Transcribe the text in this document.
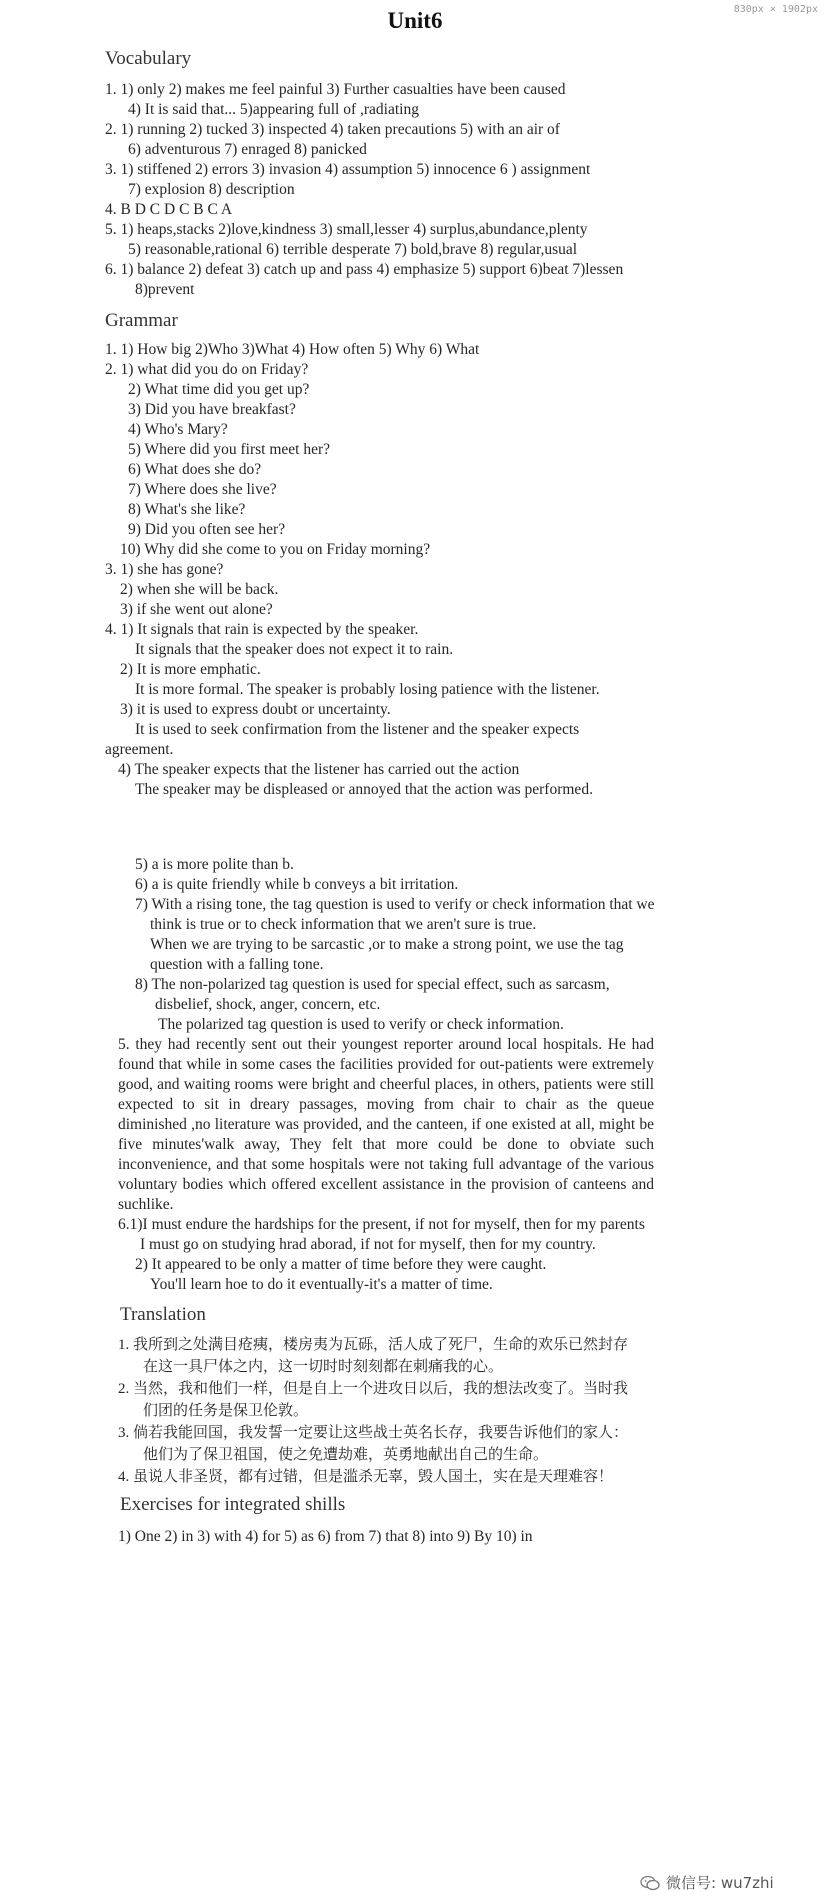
830px × 1902px
Unit6
Vocabulary
1. 1) only 2) makes me feel painful 3) Further casualties have been caused
4) It is said that... 5)appearing full of ,radiating
2. 1) running 2) tucked 3) inspected 4) taken precautions 5) with an air of
6) adventurous 7) enraged 8) panicked
3. 1) stiffened 2) errors 3) invasion 4) assumption 5) innocence 6 ) assignment
7) explosion 8) description
4. B D C D C B C A
5. 1) heaps,stacks 2)love,kindness 3) small,lesser 4) surplus,abundance,plenty
5) reasonable,rational 6) terrible desperate 7) bold,brave 8) regular,usual
6. 1) balance 2) defeat 3) catch up and pass 4) emphasize 5) support 6)beat 7)lessen
8)prevent
Grammar
1. 1) How big 2)Who 3)What 4) How often 5) Why 6) What
2. 1) what did you do on Friday?
2) What time did you get up?
3) Did you have breakfast?
4) Who's Mary?
5) Where did you first meet her?
6) What does she do?
7) Where does she live?
8) What's she like?
9) Did you often see her?
10) Why did she come to you on Friday morning?
3. 1) she has gone?
2) when she will be back.
3) if she went out alone?
4. 1) It signals that rain is expected by the speaker.
It signals that the speaker does not expect it to rain.
2) It is more emphatic.
It is more formal. The speaker is probably losing patience with the listener.
3) it is used to express doubt or uncertainty.
It is used to seek confirmation from the listener and the speaker expects
agreement.
4) The speaker expects that the listener has carried out the action
The speaker may be displeased or annoyed that the action was performed.
5) a is more polite than b.
6) a is quite friendly while b conveys a bit irritation.
7) With a rising tone, the tag question is used to verify or check information that we
think is true or to check information that we aren't sure is true.
When we are trying to be sarcastic ,or to make a strong point, we use the tag
question with a falling tone.
8) The non-polarized tag question is used for special effect, such as sarcasm,
disbelief, shock, anger, concern, etc.
The polarized tag question is used to verify or check information.
5. they had recently sent out their youngest reporter around local hospitals. He had
found that while in some cases the facilities provided for out-patients were extremely
good, and waiting rooms were bright and cheerful places, in others, patients were still
expected to sit in dreary passages, moving from chair to chair as the queue
diminished ,no literature was provided, and the canteen, if one existed at all, might be
five minutes'walk away, They felt that more could be done to obviate such
inconvenience, and that some hospitals were not taking full advantage of the various
voluntary bodies which offered excellent assistance in the provision of canteens and
suchlike.
6.1)I must endure the hardships for the present, if not for myself, then for my parents
I must go on studying hrad aborad, if not for myself, then for my country.
2) It appeared to be only a matter of time before they were caught.
You'll learn hoe to do it eventually-it's a matter of time.
Translation
1. 我所到之处满目疮痍，楼房夷为瓦砾，活人成了死尸，生命的欢乐已然封存
在这一具尸体之内，这一切时时刻刻都在刺痛我的心。
2. 当然，我和他们一样，但是自上一个进攻日以后，我的想法改变了。当时我
们团的任务是保卫伦敦。
3. 倘若我能回国，我发誓一定要让这些战士英名长存，我要告诉他们的家人：
他们为了保卫祖国，使之免遭劫难，英勇地献出自己的生命。
4. 虽说人非圣贤，都有过错，但是滥杀无辜，毁人国土，实在是天理难容！
Exercises for integrated shills
1) One 2) in 3) with 4) for 5) as 6) from 7) that 8) into 9) By 10) in
微信号: wu7zhi
